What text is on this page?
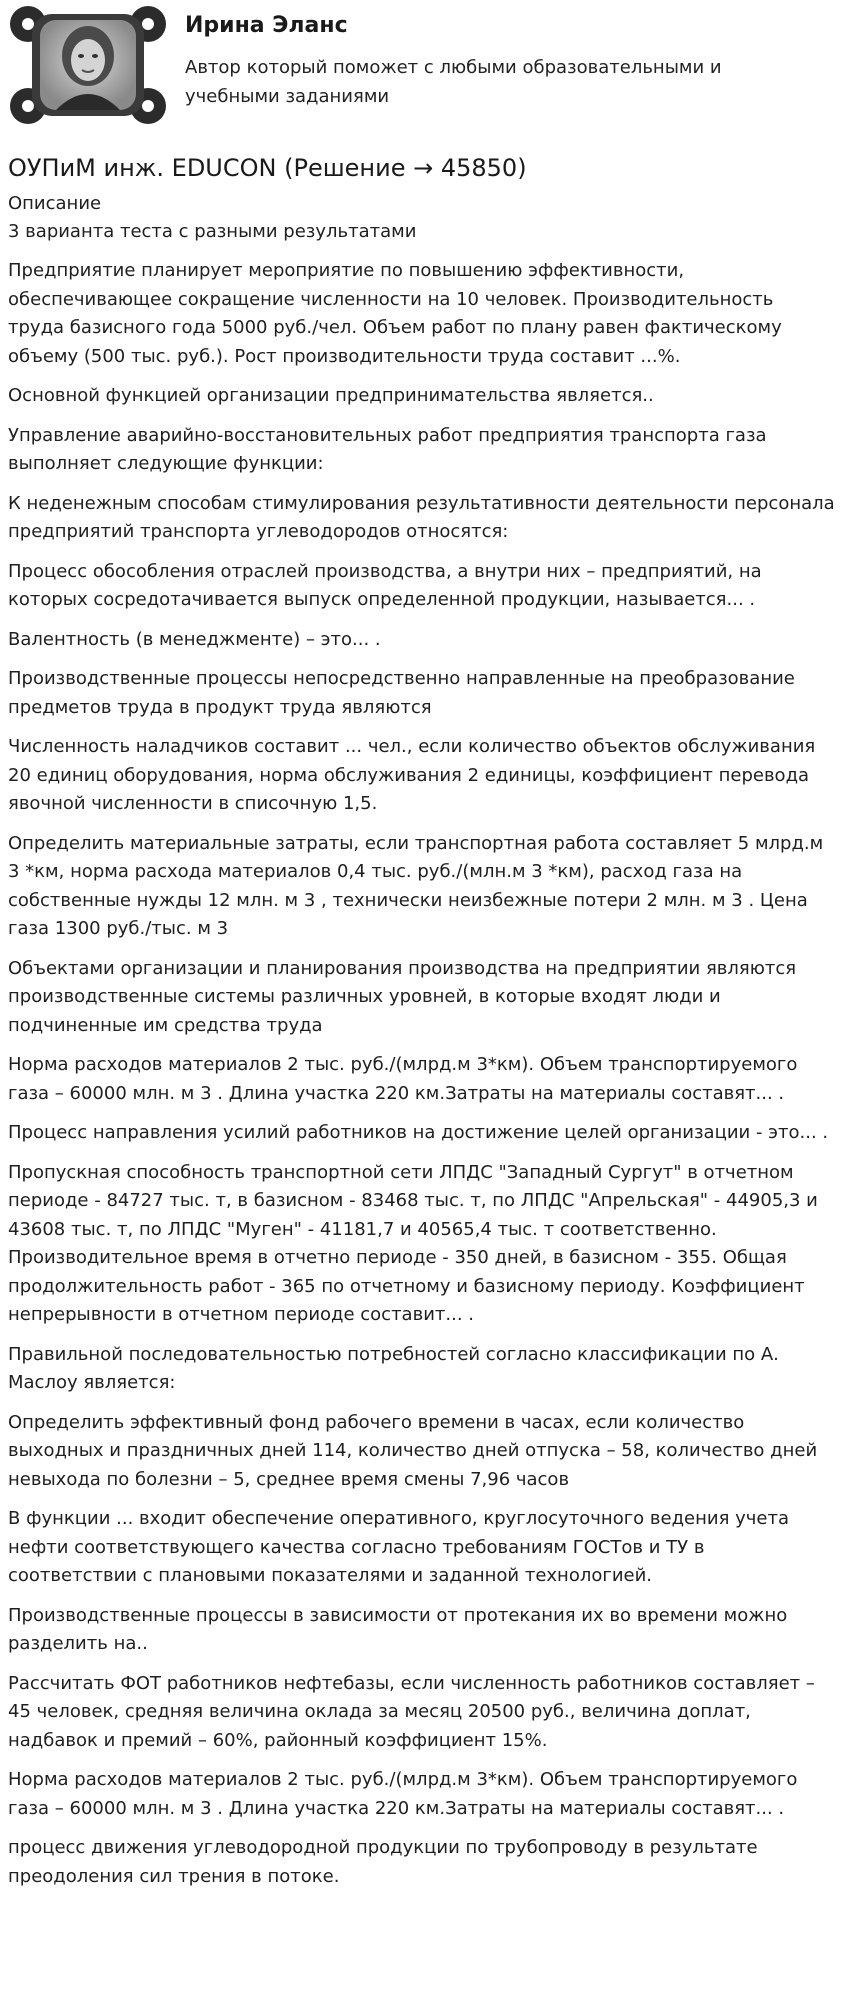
Ирина Эланс
Автор который поможет с любыми образовательными и учебными заданиями
ОУПиМ инж. EDUCON (Решение → 45850)
Описание
3 варианта теста с разными результатами

Предприятие планирует мероприятие по повышению эффективности, обеспечивающее сокращение численности на 10 человек. Производительность труда базисного года 5000 руб./чел. Объем работ по плану равен фактическому объему (500 тыс. руб.). Рост производительности труда составит ...%.

Основной функцией организации предпринимательства является..

Управление аварийно-восстановительных работ предприятия транспорта газа выполняет следующие функции:

К неденежным способам стимулирования результативности деятельности персонала предприятий транспорта углеводородов относятся:

Процесс обособления отраслей производства, а внутри них – предприятий, на которых сосредотачивается выпуск определенной продукции, называется... .

Валентность (в менеджменте) – это... .

Производственные процессы непосредственно направленные на преобразование предметов труда в продукт труда являются

Численность наладчиков составит ... чел., если количество объектов обслуживания 20 единиц оборудования, норма обслуживания 2 единицы, коэффициент перевода явочной численности в списочную 1,5.

Определить материальные затраты, если транспортная работа составляет 5 млрд.м 3 *км, норма расхода материалов 0,4 тыс. руб./(млн.м 3 *км), расход газа на собственные нужды 12 млн. м 3 , технически неизбежные потери 2 млн. м 3 . Цена газа 1300 руб./тыс. м 3

Объектами организации и планирования производства на предприятии являются производственные системы различных уровней, в которые входят люди и подчиненные им средства труда

Норма расходов материалов 2 тыс. руб./(млрд.м 3*км). Объем транспортируемого газа – 60000 млн. м 3 . Длина участка 220 км.Затраты на материалы составят... .

Процесс направления усилий работников на достижение целей организации - это... .

Пропускная способность транспортной сети ЛПДС "Западный Сургут" в отчетном периоде - 84727 тыс. т, в базисном - 83468 тыс. т, по ЛПДС "Апрельская" - 44905,3 и 43608 тыс. т, по ЛПДС "Муген" - 41181,7 и 40565,4 тыс. т соответственно. Производительное время в отчетно периоде - 350 дней, в базисном - 355. Общая продолжительность работ - 365 по отчетному и базисному периоду. Коэффициент непрерывности в отчетном периоде составит... .

Правильной последовательностью потребностей согласно классификации по А. Маслоу является:

Определить эффективный фонд рабочего времени в часах, если количество выходных и праздничных дней 114, количество дней отпуска – 58, количество дней невыхода по болезни – 5, среднее время смены 7,96 часов

В функции ... входит обеспечение оперативного, круглосуточного ведения учета нефти соответствующего качества согласно требованиям ГОСТов и ТУ в соответствии с плановыми показателями и заданной технологией.

Производственные процессы в зависимости от протекания их во времени можно разделить на..

Рассчитать ФОТ работников нефтебазы, если численность работников составляет – 45 человек, средняя величина оклада за месяц 20500 руб., величина доплат, надбавок и премий – 60%, районный коэффициент 15%.

Норма расходов материалов 2 тыс. руб./(млрд.м 3*км). Объем транспортируемого газа – 60000 млн. м 3 . Длина участка 220 км.Затраты на материалы составят... .

процесс движения углеводородной продукции по трубопроводу в результате преодоления сил трения в потоке.
